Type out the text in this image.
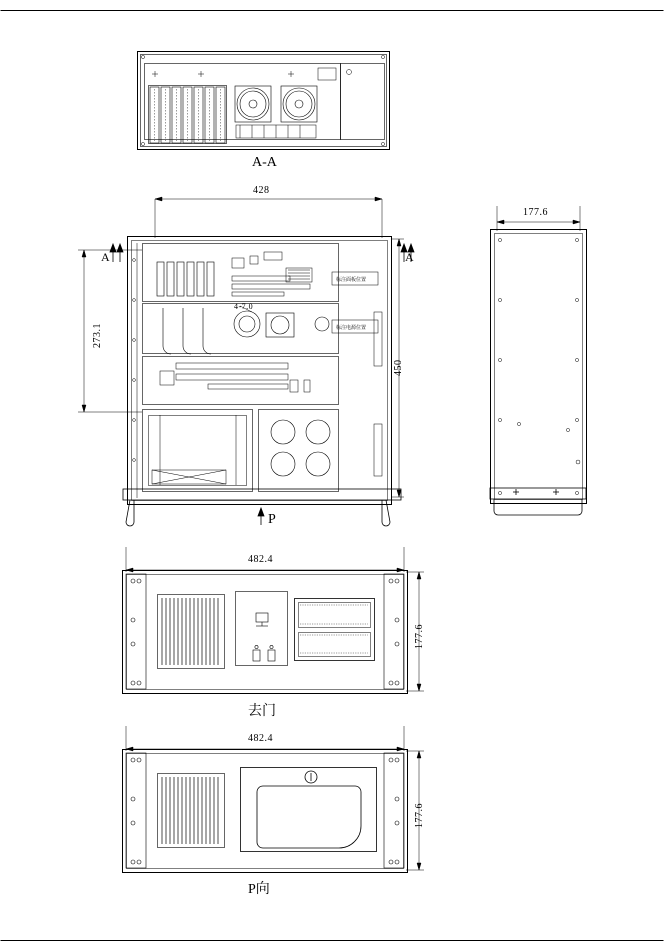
A-A
P
去门
P向
428
450
273.1
177.6
482.4
177.6
482.4
177.6
4-7.0
A	A
标注面板位置
标注电源位置
